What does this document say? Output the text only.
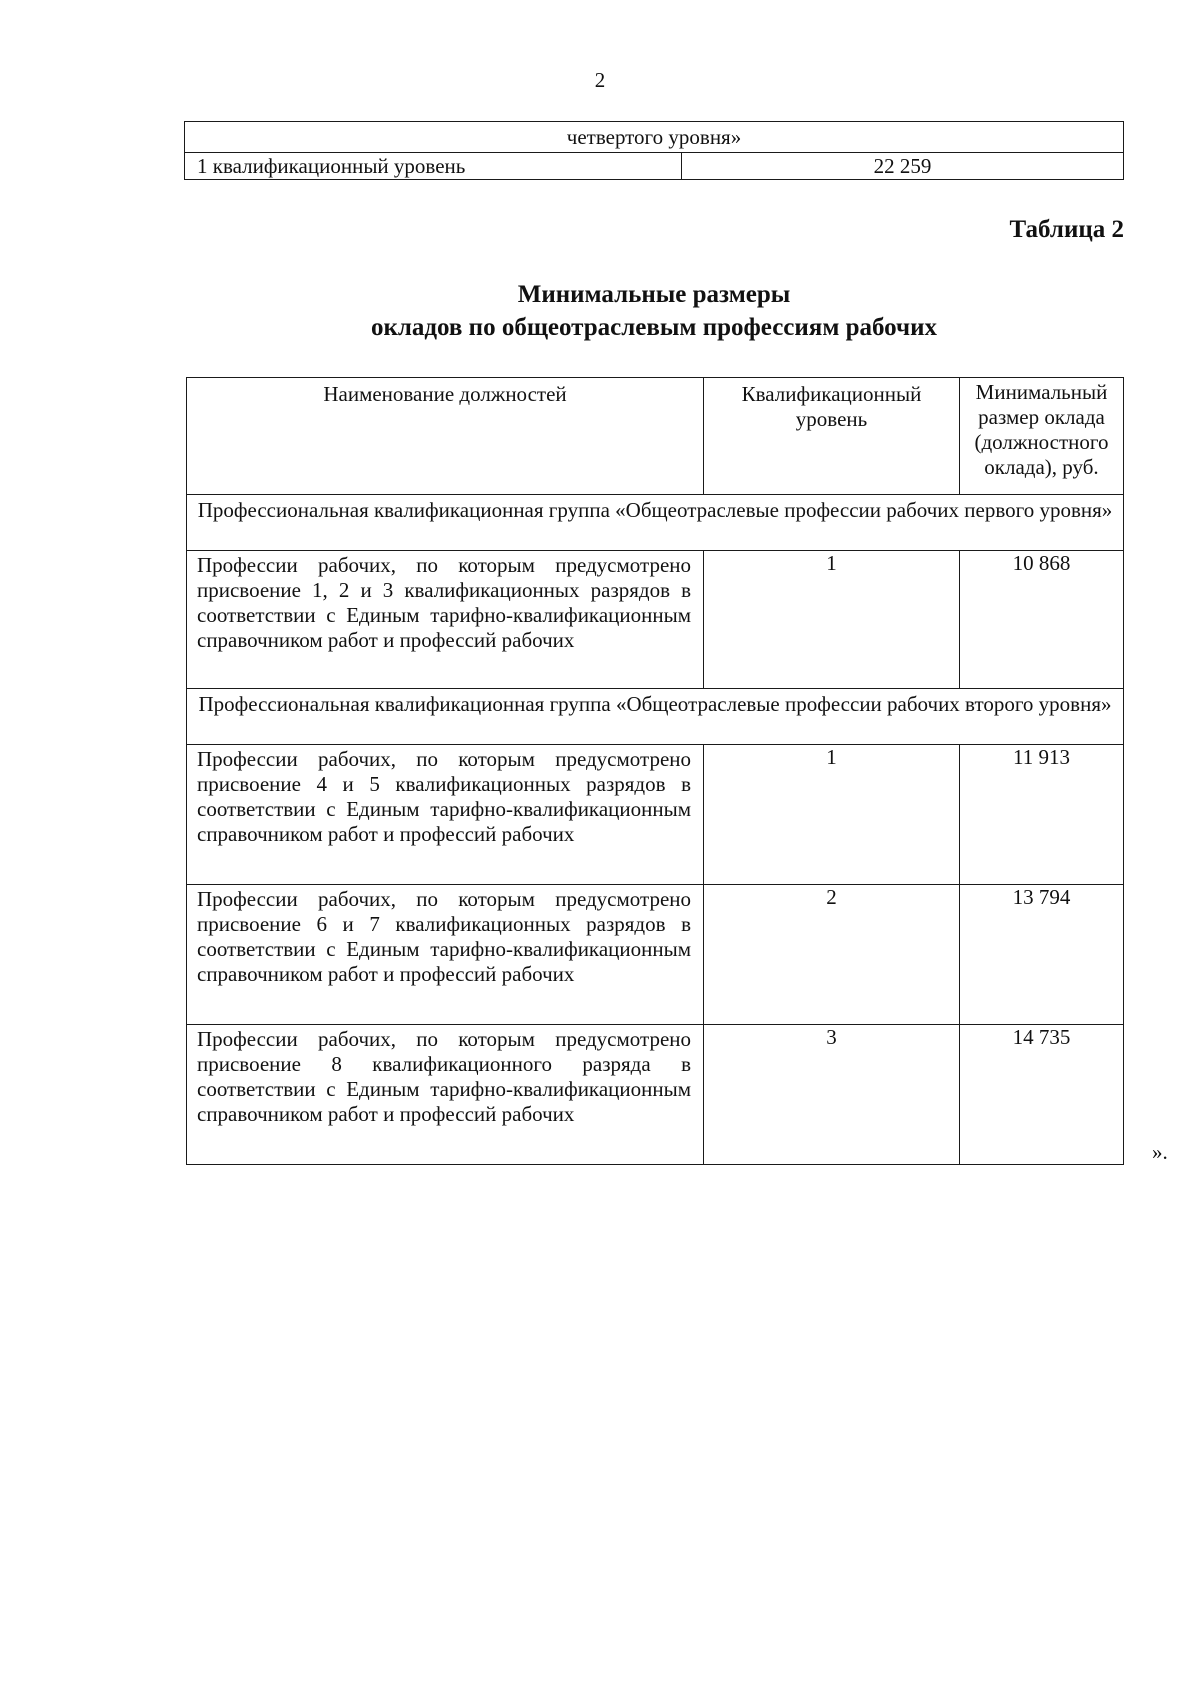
2
четвертого уровня»
1 квалификационный уровень	22 259
Таблица 2
Минимальные размеры
окладов по общеотраслевым профессиям рабочих
Наименование должностей	Квалификационный уровень	Минимальный размер оклада (должностного оклада), руб.
Профессиональная квалификационная группа «Общеотраслевые профессии рабочих первого уровня»		
Профессии рабочих, по которым предусмотрено присвоение 1, 2 и 3 квалификационных разрядов в соответствии с Единым тарифно-квалификационным справочником работ и профессий рабочих	1	10 868
Профессиональная квалификационная группа «Общеотраслевые профессии рабочих второго уровня»		
Профессии рабочих, по которым предусмотрено присвоение 4 и 5 квалификационных разрядов в соответствии с Единым тарифно-квалификационным справочником работ и профессий рабочих	1	11 913
Профессии рабочих, по которым предусмотрено присвоение 6 и 7 квалификационных разрядов в соответствии с Единым тарифно-квалификационным справочником работ и профессий рабочих	2	13 794
Профессии рабочих, по которым предусмотрено присвоение 8 квалификационного разряда в соответствии с Единым тарифно-квалификационным справочником работ и профессий рабочих	3	14 735
».
